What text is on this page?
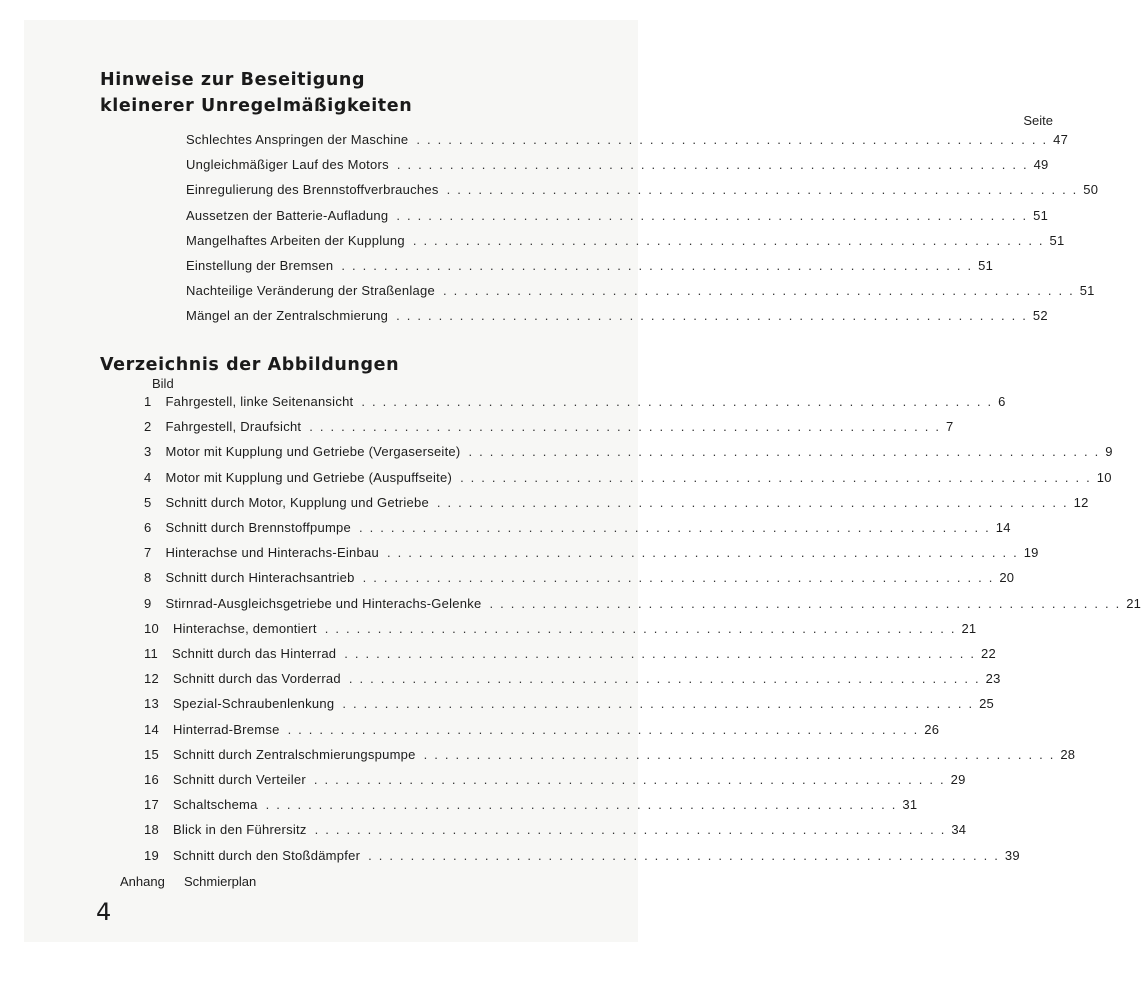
Hinweise zur Beseitigung
kleinerer Unregelmäßigkeiten
Seite
Schlechtes Anspringen der Maschine ............................................................ 47
Ungleichmäßiger Lauf des Motors ............................................................ 49
Einregulierung des Brennstoffverbrauches ............................................................ 50
Aussetzen der Batterie-Aufladung ............................................................ 51
Mangelhaftes Arbeiten der Kupplung ............................................................ 51
Einstellung der Bremsen ............................................................ 51
Nachteilige Veränderung der Straßenlage ............................................................ 51
Mängel an der Zentralschmierung ............................................................ 52
Verzeichnis der Abbildungen
Bild
1	Fahrgestell, linke Seitenansicht ............................................................ 6
2	Fahrgestell, Draufsicht ............................................................ 7
3	Motor mit Kupplung und Getriebe (Vergaserseite) ............................................................ 9
4	Motor mit Kupplung und Getriebe (Auspuffseite) ............................................................ 10
5	Schnitt durch Motor, Kupplung und Getriebe ............................................................ 12
6	Schnitt durch Brennstoffpumpe ............................................................ 14
7	Hinterachse und Hinterachs-Einbau ............................................................ 19
8	Schnitt durch Hinterachsantrieb ............................................................ 20
9	Stirnrad-Ausgleichsgetriebe und Hinterachs-Gelenke ............................................................ 21
10	Hinterachse, demontiert ............................................................ 21
11	Schnitt durch das Hinterrad ............................................................ 22
12	Schnitt durch das Vorderrad ............................................................ 23
13	Spezial-Schraubenlenkung ............................................................ 25
14	Hinterrad-Bremse ............................................................ 26
15	Schnitt durch Zentralschmierungspumpe ............................................................ 28
16	Schnitt durch Verteiler ............................................................ 29
17	Schaltschema ............................................................ 31
18	Blick in den Führersitz ............................................................ 34
19	Schnitt durch den Stoßdämpfer ............................................................ 39
Anhang Schmierplan
4
